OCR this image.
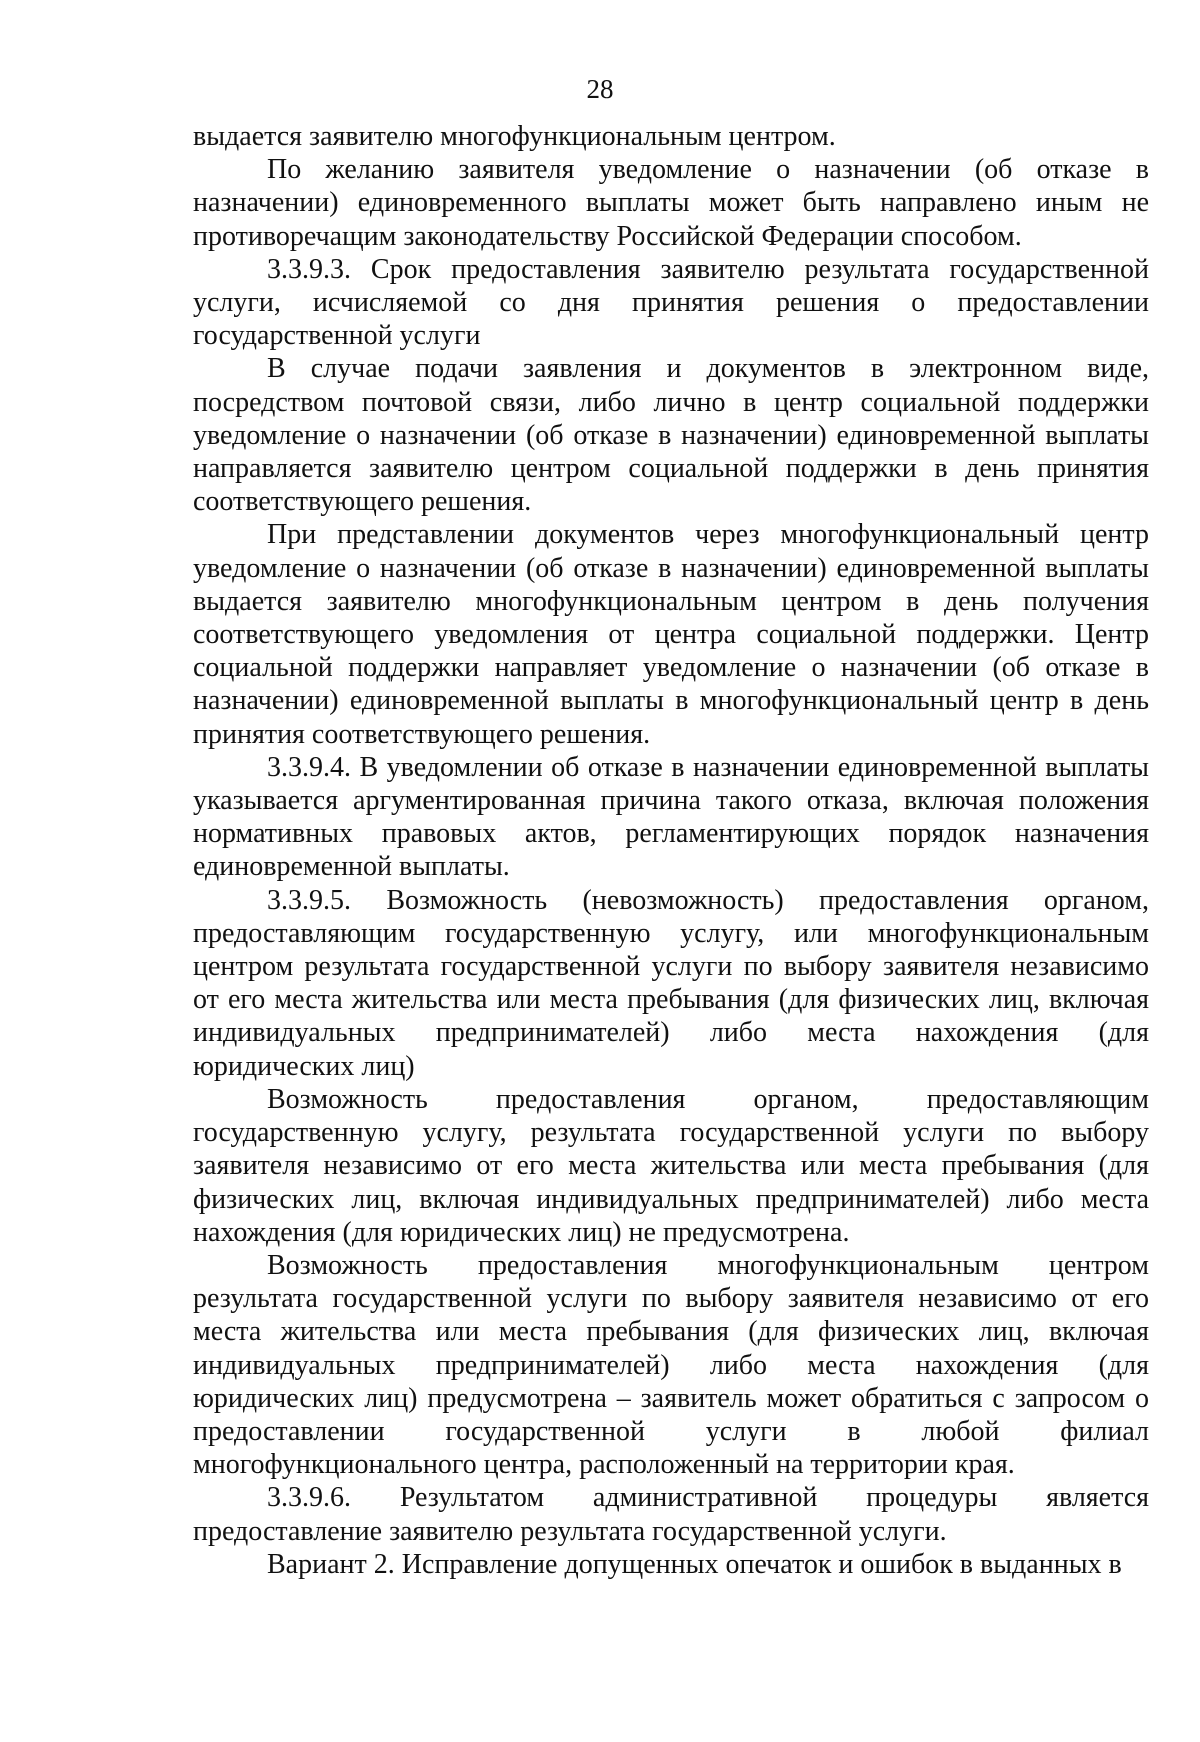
28

выдается заявителю многофункциональным центром.

По желанию заявителя уведомление о назначении (об отказе в назначении) единовременного выплаты может быть направлено иным не противоречащим законодательству Российской Федерации способом.

3.3.9.3. Срок предоставления заявителю результата государственной услуги, исчисляемой со дня принятия решения о предоставлении государственной услуги

В случае подачи заявления и документов в электронном виде, посредством почтовой связи, либо лично в центр социальной поддержки уведомление о назначении (об отказе в назначении) единовременной выплаты направляется заявителю центром социальной поддержки в день принятия соответствующего решения.

При представлении документов через многофункциональный центр уведомление о назначении (об отказе в назначении) единовременной выплаты выдается заявителю многофункциональным центром в день получения соответствующего уведомления от центра социальной поддержки. Центр социальной поддержки направляет уведомление о назначении (об отказе в назначении) единовременной выплаты в многофункциональный центр в день принятия соответствующего решения.

3.3.9.4. В уведомлении об отказе в назначении единовременной выплаты указывается аргументированная причина такого отказа, включая положения нормативных правовых актов, регламентирующих порядок назначения единовременной выплаты.

3.3.9.5. Возможность (невозможность) предоставления органом, предоставляющим государственную услугу, или многофункциональным центром результата государственной услуги по выбору заявителя независимо от его места жительства или места пребывания (для физических лиц, включая индивидуальных предпринимателей) либо места нахождения (для юридических лиц)

Возможность предоставления органом, предоставляющим государственную услугу, результата государственной услуги по выбору заявителя независимо от его места жительства или места пребывания (для физических лиц, включая индивидуальных предпринимателей) либо места нахождения (для юридических лиц) не предусмотрена.

Возможность предоставления многофункциональным центром результата государственной услуги по выбору заявителя независимо от его места жительства или места пребывания (для физических лиц, включая индивидуальных предпринимателей) либо места нахождения (для юридических лиц) предусмотрена – заявитель может обратиться с запросом о предоставлении государственной услуги в любой филиал многофункционального центра, расположенный на территории края.

3.3.9.6. Результатом административной процедуры является предоставление заявителю результата государственной услуги.

Вариант 2. Исправление допущенных опечаток и ошибок в выданных в
